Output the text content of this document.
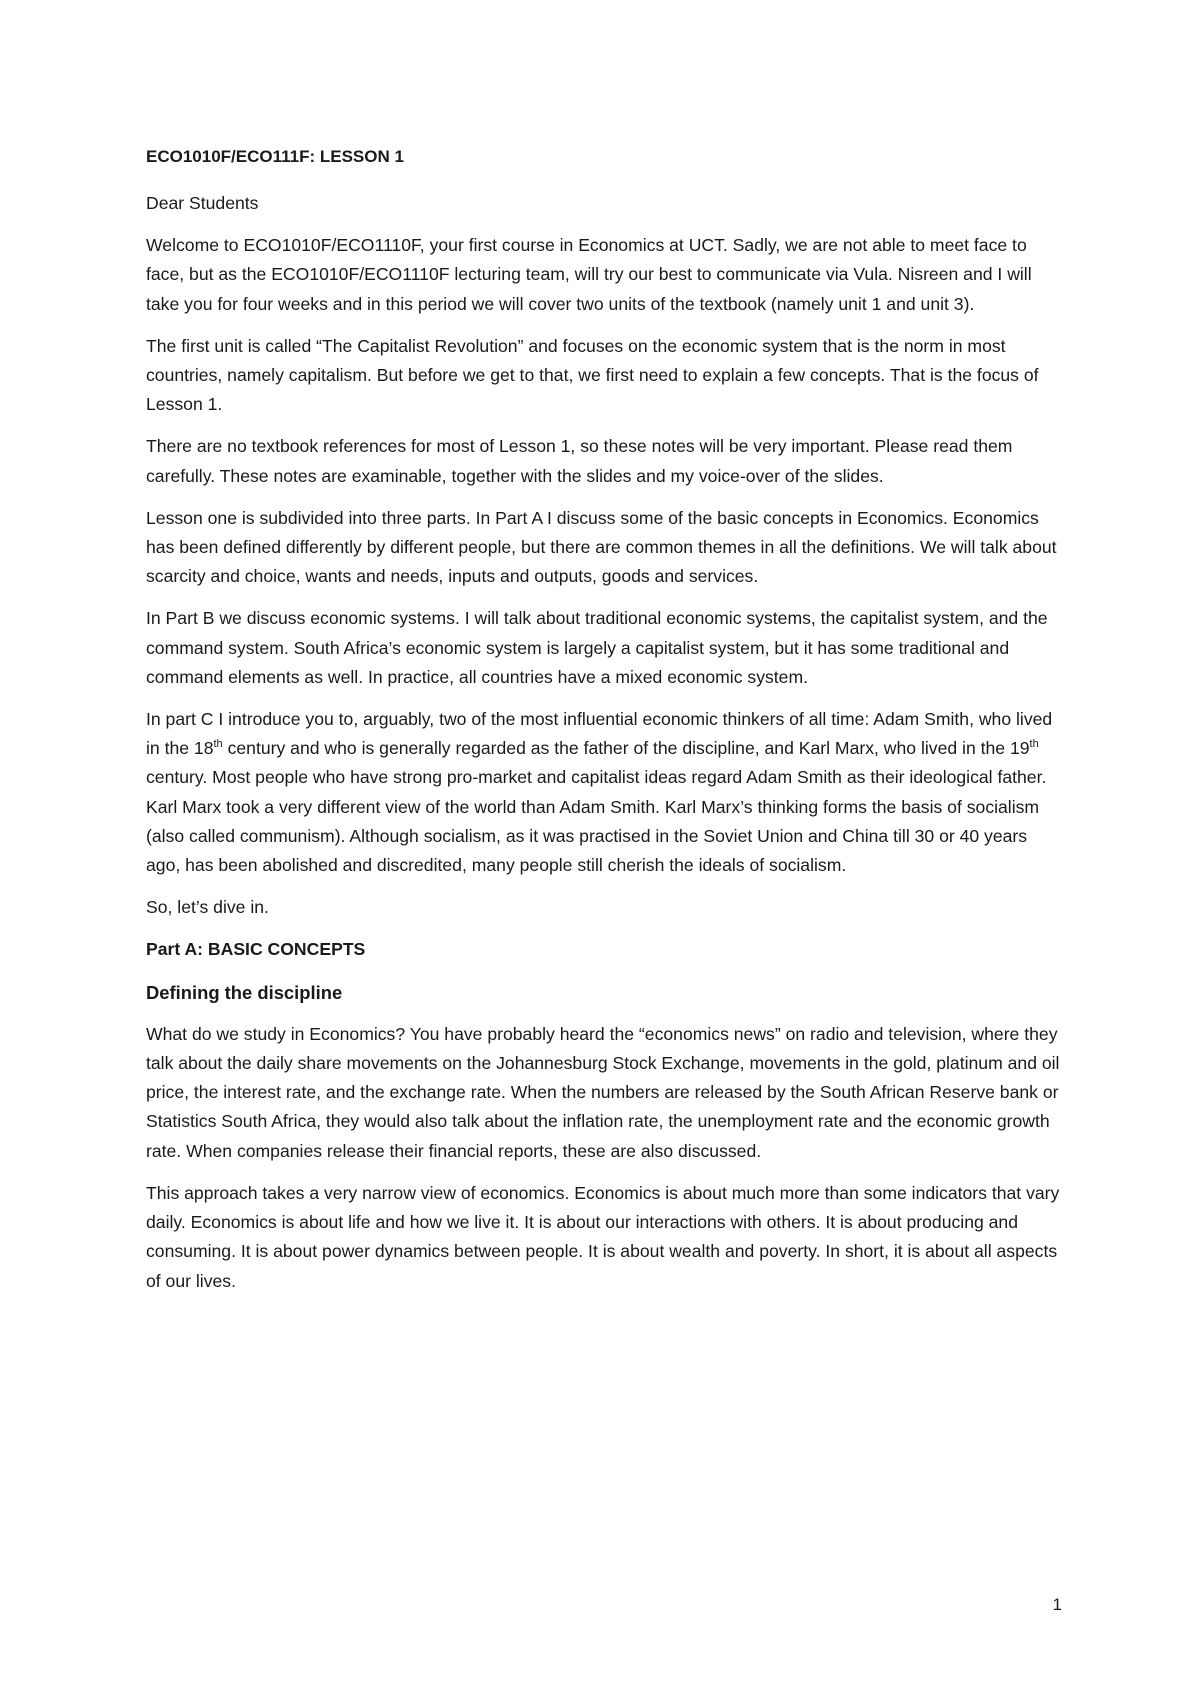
ECO1010F/ECO111F: LESSON 1

Dear Students

Welcome to ECO1010F/ECO1110F, your first course in Economics at UCT. Sadly, we are not able to meet face to face, but as the ECO1010F/ECO1110F lecturing team, will try our best to communicate via Vula. Nisreen and I will take you for four weeks and in this period we will cover two units of the textbook (namely unit 1 and unit 3).

The first unit is called “The Capitalist Revolution” and focuses on the economic system that is the norm in most countries, namely capitalism. But before we get to that, we first need to explain a few concepts. That is the focus of Lesson 1.

There are no textbook references for most of Lesson 1, so these notes will be very important. Please read them carefully. These notes are examinable, together with the slides and my voice-over of the slides.

Lesson one is subdivided into three parts. In Part A I discuss some of the basic concepts in Economics. Economics has been defined differently by different people, but there are common themes in all the definitions. We will talk about scarcity and choice, wants and needs, inputs and outputs, goods and services.

In Part B we discuss economic systems. I will talk about traditional economic systems, the capitalist system, and the command system. South Africa’s economic system is largely a capitalist system, but it has some traditional and command elements as well. In practice, all countries have a mixed economic system.

In part C I introduce you to, arguably, two of the most influential economic thinkers of all time: Adam Smith, who lived in the 18th century and who is generally regarded as the father of the discipline, and Karl Marx, who lived in the 19th century. Most people who have strong pro-market and capitalist ideas regard Adam Smith as their ideological father. Karl Marx took a very different view of the world than Adam Smith. Karl Marx’s thinking forms the basis of socialism (also called communism). Although socialism, as it was practised in the Soviet Union and China till 30 or 40 years ago, has been abolished and discredited, many people still cherish the ideals of socialism.

So, let’s dive in.

Part A: BASIC CONCEPTS

Defining the discipline

What do we study in Economics? You have probably heard the “economics news” on radio and television, where they talk about the daily share movements on the Johannesburg Stock Exchange, movements in the gold, platinum and oil price, the interest rate, and the exchange rate. When the numbers are released by the South African Reserve bank or Statistics South Africa, they would also talk about the inflation rate, the unemployment rate and the economic growth rate. When companies release their financial reports, these are also discussed.

This approach takes a very narrow view of economics. Economics is about much more than some indicators that vary daily. Economics is about life and how we live it. It is about our interactions with others. It is about producing and consuming. It is about power dynamics between people. It is about wealth and poverty. In short, it is about all aspects of our lives.

1
